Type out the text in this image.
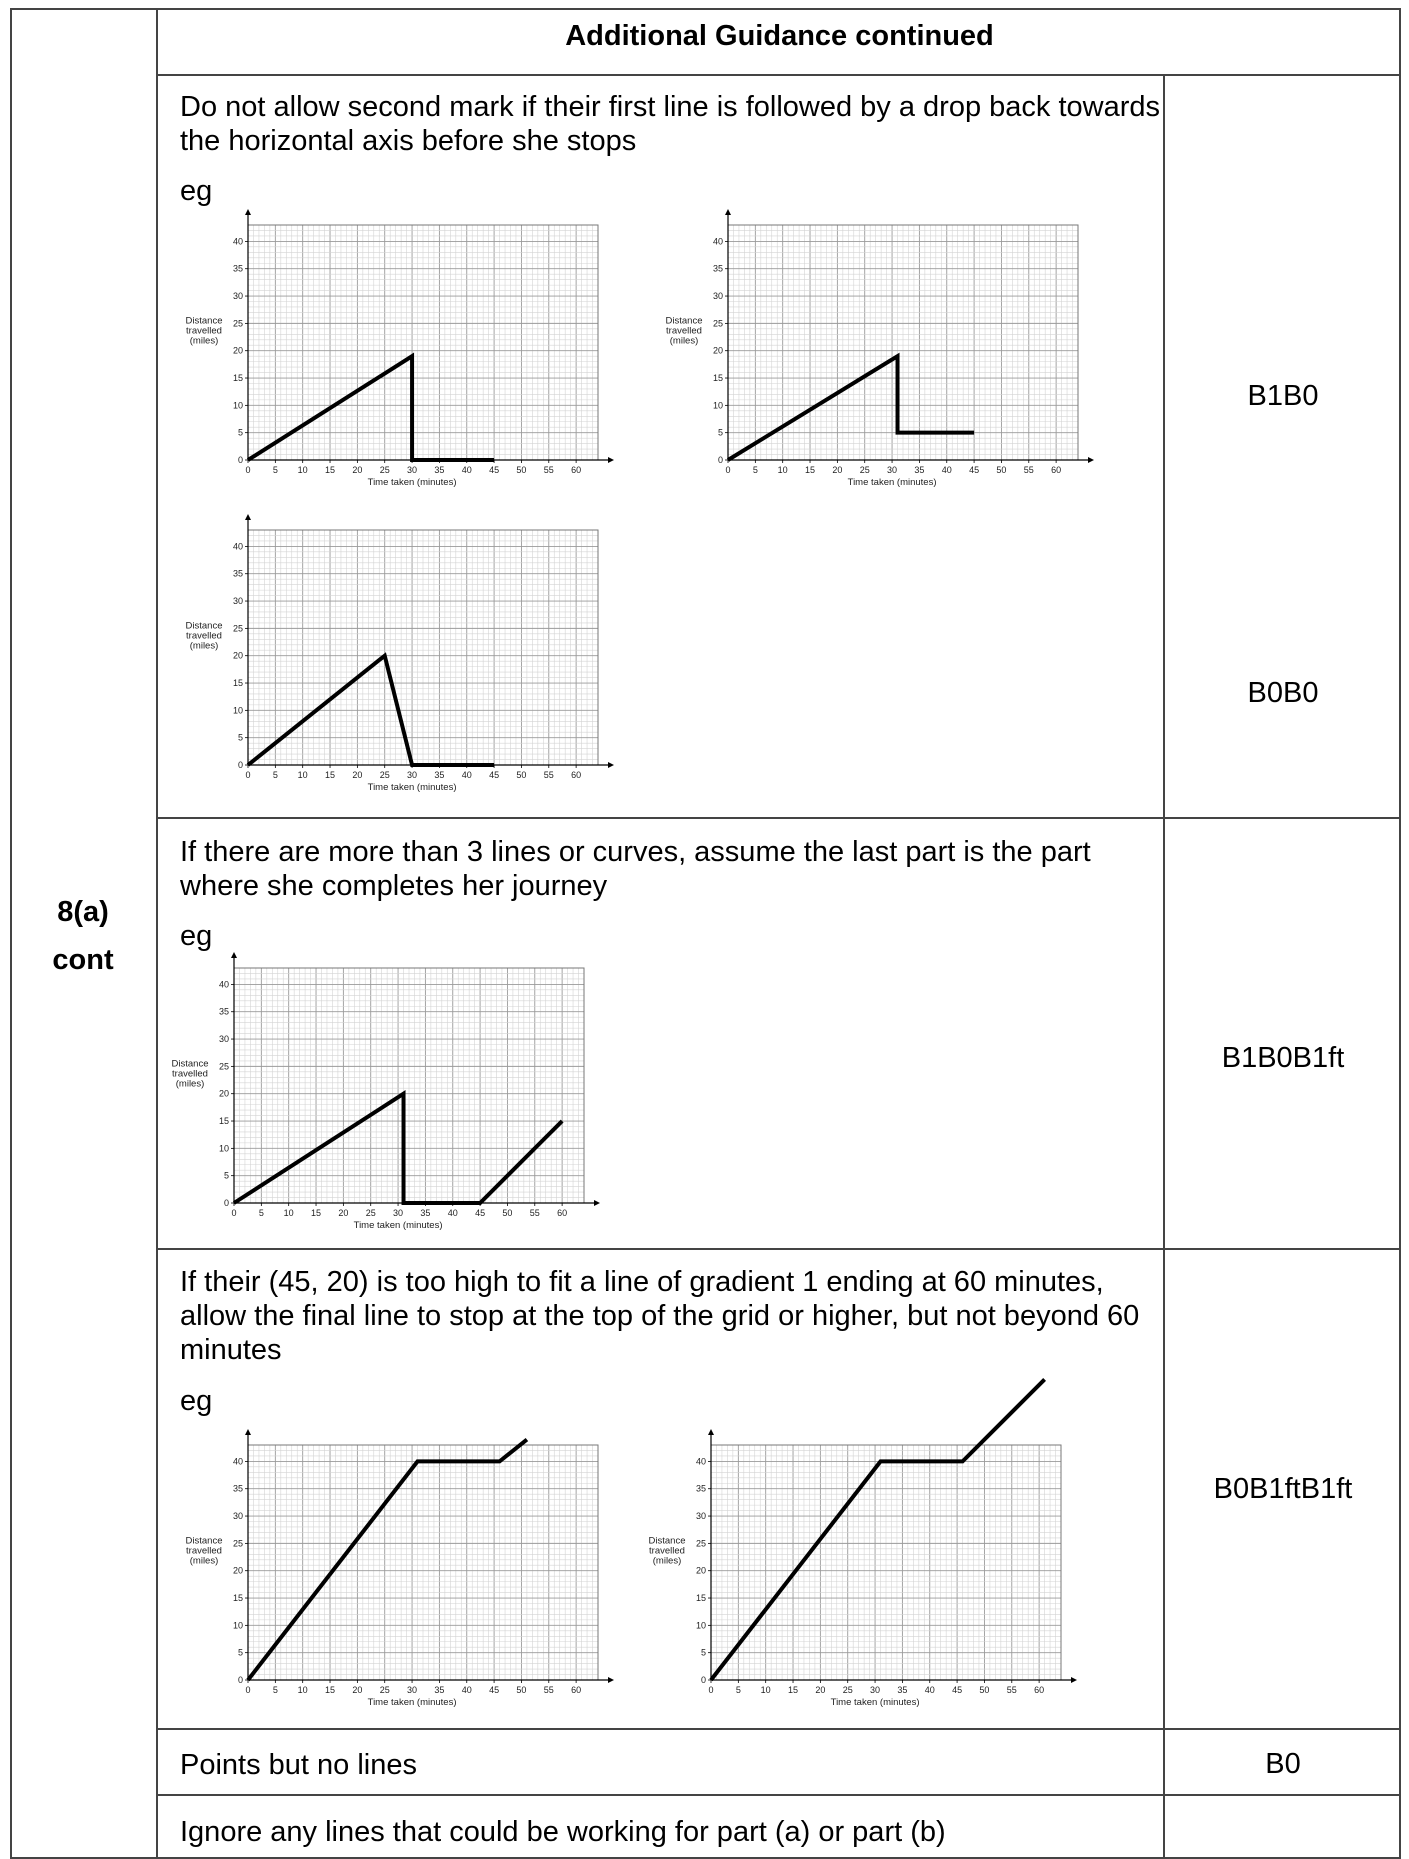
Additional Guidance continued
8(a)
cont
Do not allow second mark if their first line is followed by a drop back towards the horizontal axis before she stops
eg
B1B0
B0B0
If there are more than 3 lines or curves, assume the last part is the part where she completes her journey
eg
B1B0B1ft
If their (45, 20) is too high to fit a line of gradient 1 ending at 60 minutes, allow the final line to stop at the top of the grid or higher, but not beyond 60 minutes
eg
B0B1ftB1ft
Points but no lines	B0
Ignore any lines that could be working for part (a) or part (b)
0 5 10 15 20 25 30 35 40 45 50 55 60
0
5
10
15
20
25
30
35
40
Time taken (minutes)
Distance
travelled
(miles)
0 5 10 15 20 25 30 35 40 45 50 55 60
0
5
10
15
20
25
30
35
40
Time taken (minutes)
Distance
travelled
(miles)
0 5 10 15 20 25 30 35 40 45 50 55 60
0
5
10
15
20
25
30
35
40
Time taken (minutes)
Distance
travelled
(miles)
0 5 10 15 20 25 30 35 40 45 50 55 60
0
5
10
15
20
25
30
35
40
Time taken (minutes)
Distance
travelled
(miles)
0 5 10 15 20 25 30 35 40 45 50 55 60
0
5
10
15
20
25
30
35
40
Time taken (minutes)
Distance
travelled
(miles)
0 5 10 15 20 25 30 35 40 45 50 55 60
0
5
10
15
20
25
30
35
40
Time taken (minutes)
Distance
travelled
(miles)
